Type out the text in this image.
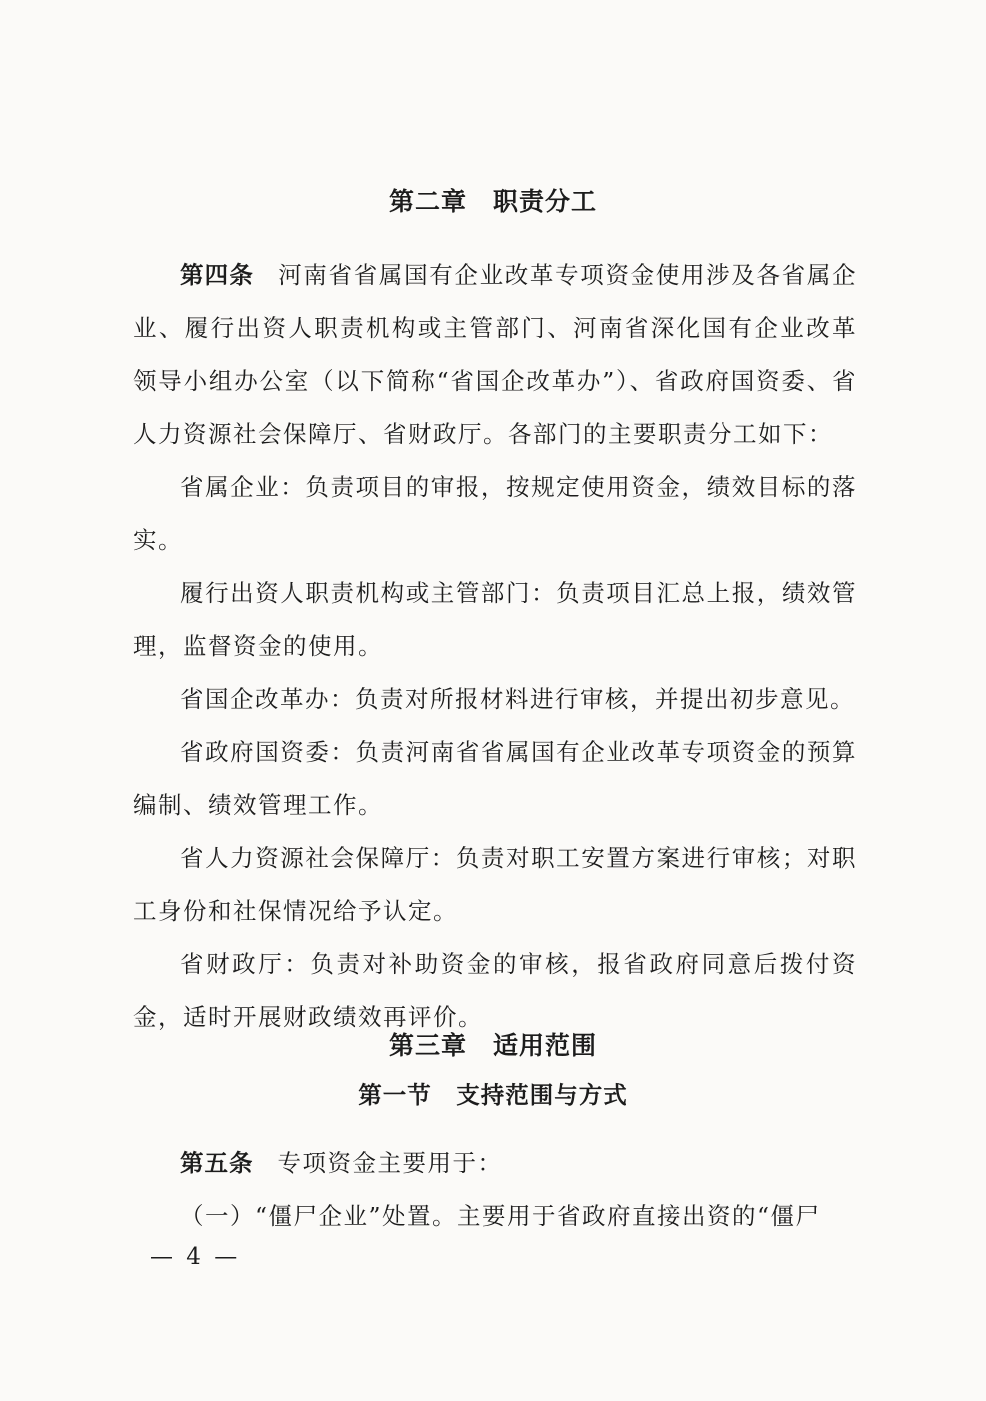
第二章　职责分工

第四条 河南省省属国有企业改革专项资金使用涉及各省属企业、履行出资人职责机构或主管部门、河南省深化国有企业改革领导小组办公室（以下简称“省国企改革办”）、省政府国资委、省人力资源社会保障厅、省财政厅。各部门的主要职责分工如下：

省属企业：负责项目的审报，按规定使用资金，绩效目标的落实。

履行出资人职责机构或主管部门：负责项目汇总上报，绩效管理，监督资金的使用。

省国企改革办：负责对所报材料进行审核，并提出初步意见。

省政府国资委：负责河南省省属国有企业改革专项资金的预算编制、绩效管理工作。

省人力资源社会保障厅：负责对职工安置方案进行审核；对职工身份和社保情况给予认定。

省财政厅：负责对补助资金的审核，报省政府同意后拨付资金，适时开展财政绩效再评价。

第三章　适用范围
第一节　支持范围与方式

第五条 专项资金主要用于：

（一）“僵尸企业”处置。主要用于省政府直接出资的“僵尸

— 4 —
